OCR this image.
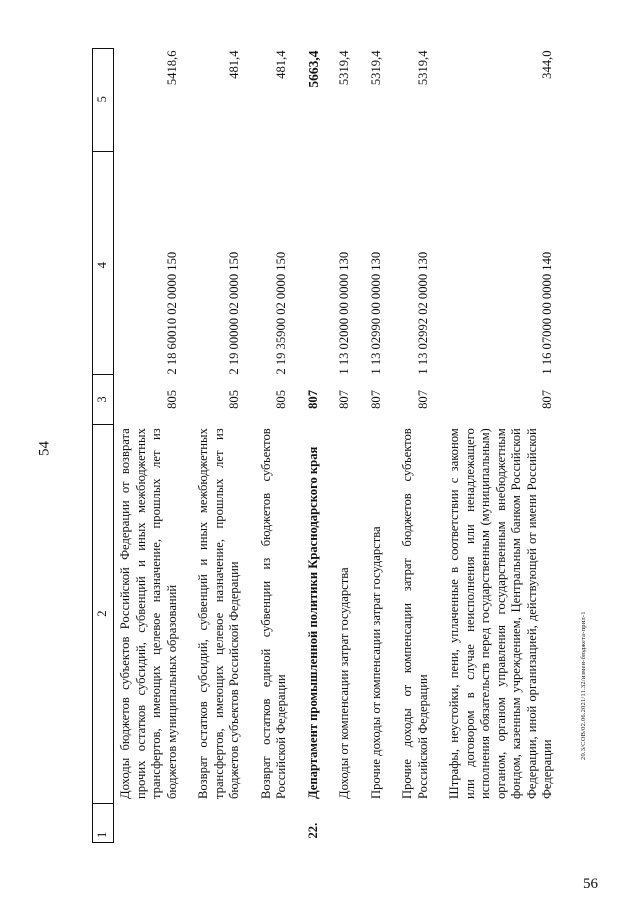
54
56
20.3/СОВ/02.06.2021/11.32/измен-бюджета-прил-1
1	2	3	4	5
	Доходы бюджетов субъектов Российской Федерации от возврата прочих остатков субсидий, субвенций и иных межбюджетных трансфертов, имеющих целевое назначение, прошлых лет из бюджетов муниципальных образований	805	2 18 60010 02 0000 150	5418,6
	Возврат остатков субсидий, субвенций и иных межбюджетных трансфертов, имеющих целевое назначение, прошлых лет из бюджетов субъектов Российской Федерации	805	2 19 00000 02 0000 150	481,4
	Возврат остатков единой субвенции из бюджетов субъектов Российской Федерации	805	2 19 35900 02 0000 150	481,4
22.	Департамент промышленной политики Краснодарского края	807		5663,4
	Доходы от компенсации затрат государства	807	1 13 02000 00 0000 130	5319,4
	Прочие доходы от компенсации затрат государства	807	1 13 02990 00 0000 130	5319,4
	Прочие доходы от компенсации затрат бюджетов субъектов Российской Федерации	807	1 13 02992 02 0000 130	5319,4
	Штрафы, неустойки, пени, уплаченные в соответствии с законом или договором в случае неисполнения или ненадлежащего исполнения обязательств перед государственным (муниципальным) органом, органом управления государственным внебюджетным фондом, казенным учреждением, Центральным банком Российской Федерации, иной организацией, действующей от имени Российской Федерации	807	1 16 07000 00 0000 140	344,0
